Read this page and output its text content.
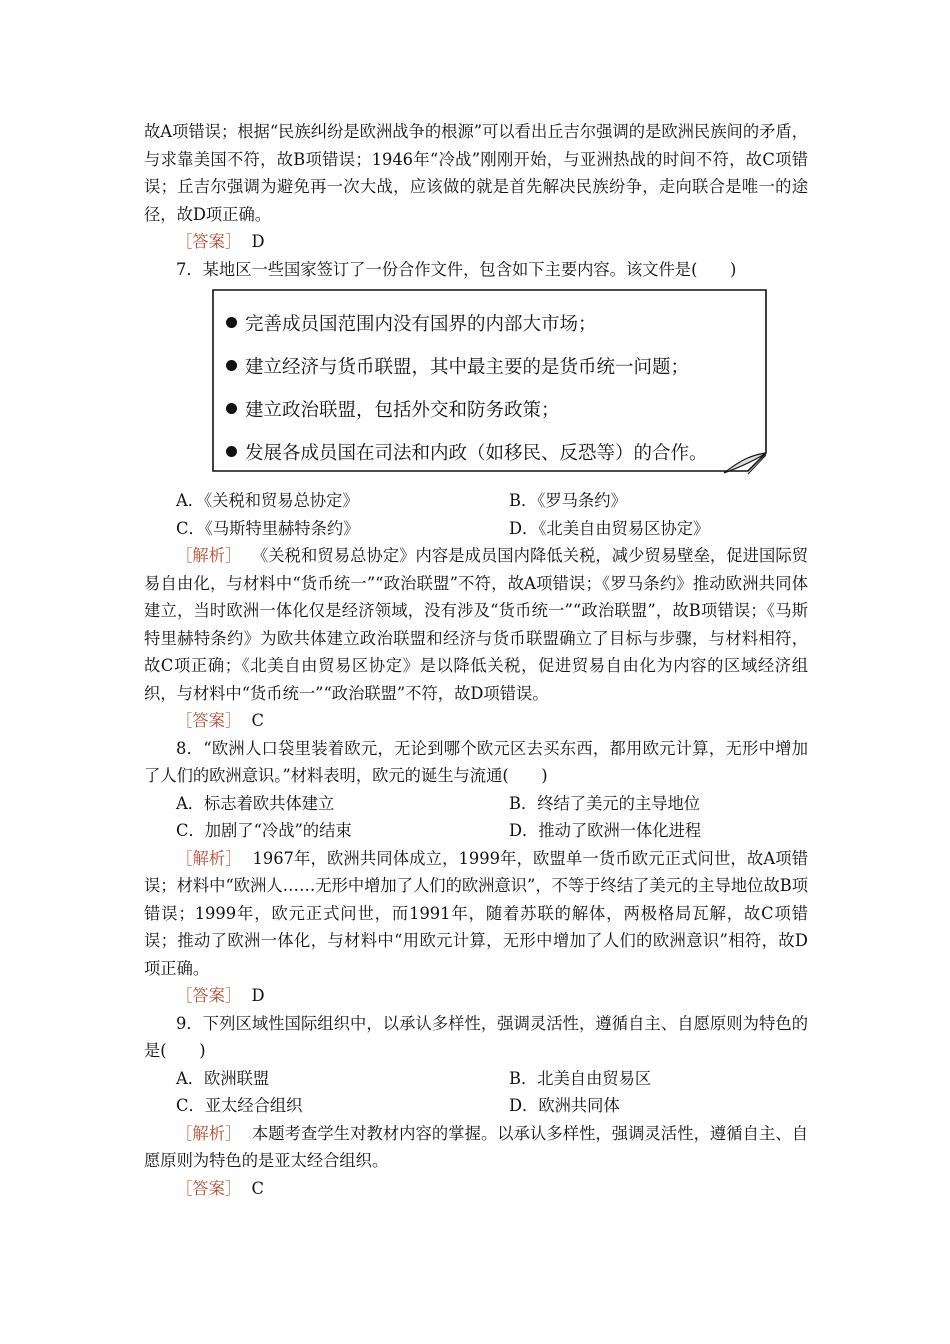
故A项错误；根据“民族纠纷是欧洲战争的根源”可以看出丘吉尔强调的是欧洲民族间的矛盾，与求靠美国不符，故B项错误；1946年“冷战”刚刚开始，与亚洲热战的时间不符，故C项错误；丘吉尔强调为避免再一次大战，应该做的就是首先解决民族纷争，走向联合是唯一的途径，故D项正确。

［答案］ D

7．某地区一些国家签订了一份合作文件，包含如下主要内容。该文件是(　　)

完善成员国范围内没有国界的内部大市场；
建立经济与货币联盟，其中最主要的是货币统一问题；
建立政治联盟，包括外交和防务政策；
发展各成员国在司法和内政（如移民、反恐等）的合作。
A．《关税和贸易总协定》	B．《罗马条约》
C．《马斯特里赫特条约》	D．《北美自由贸易区协定》

［解析］ 《关税和贸易总协定》内容是成员国内降低关税，减少贸易壁垒，促进国际贸易自由化，与材料中“货币统一”“政治联盟”不符，故A项错误；《罗马条约》推动欧洲共同体建立，当时欧洲一体化仅是经济领域，没有涉及“货币统一”“政治联盟”，故B项错误；《马斯特里赫特条约》为欧共体建立政治联盟和经济与货币联盟确立了目标与步骤，与材料相符，故C项正确；《北美自由贸易区协定》是以降低关税，促进贸易自由化为内容的区域经济组织，与材料中“货币统一”“政治联盟”不符，故D项错误。

［答案］ C

8．“欧洲人口袋里装着欧元，无论到哪个欧元区去买东西，都用欧元计算，无形中增加了人们的欧洲意识。”材料表明，欧元的诞生与流通(　　)

A．标志着欧共体建立	B．终结了美元的主导地位
C．加剧了“冷战”的结束	D．推动了欧洲一体化进程

［解析］ 1967年，欧洲共同体成立，1999年，欧盟单一货币欧元正式问世，故A项错误；材料中“欧洲人……无形中增加了人们的欧洲意识”，不等于终结了美元的主导地位故B项错误；1999年，欧元正式问世，而1991年，随着苏联的解体，两极格局瓦解，故C项错误；推动了欧洲一体化，与材料中“用欧元计算，无形中增加了人们的欧洲意识”相符，故D项正确。

［答案］ D

9．下列区域性国际组织中，以承认多样性，强调灵活性，遵循自主、自愿原则为特色的是(　　)

A．欧洲联盟	B．北美自由贸易区
C．亚太经合组织	D．欧洲共同体

［解析］ 本题考查学生对教材内容的掌握。以承认多样性，强调灵活性，遵循自主、自愿原则为特色的是亚太经合组织。

［答案］ C
